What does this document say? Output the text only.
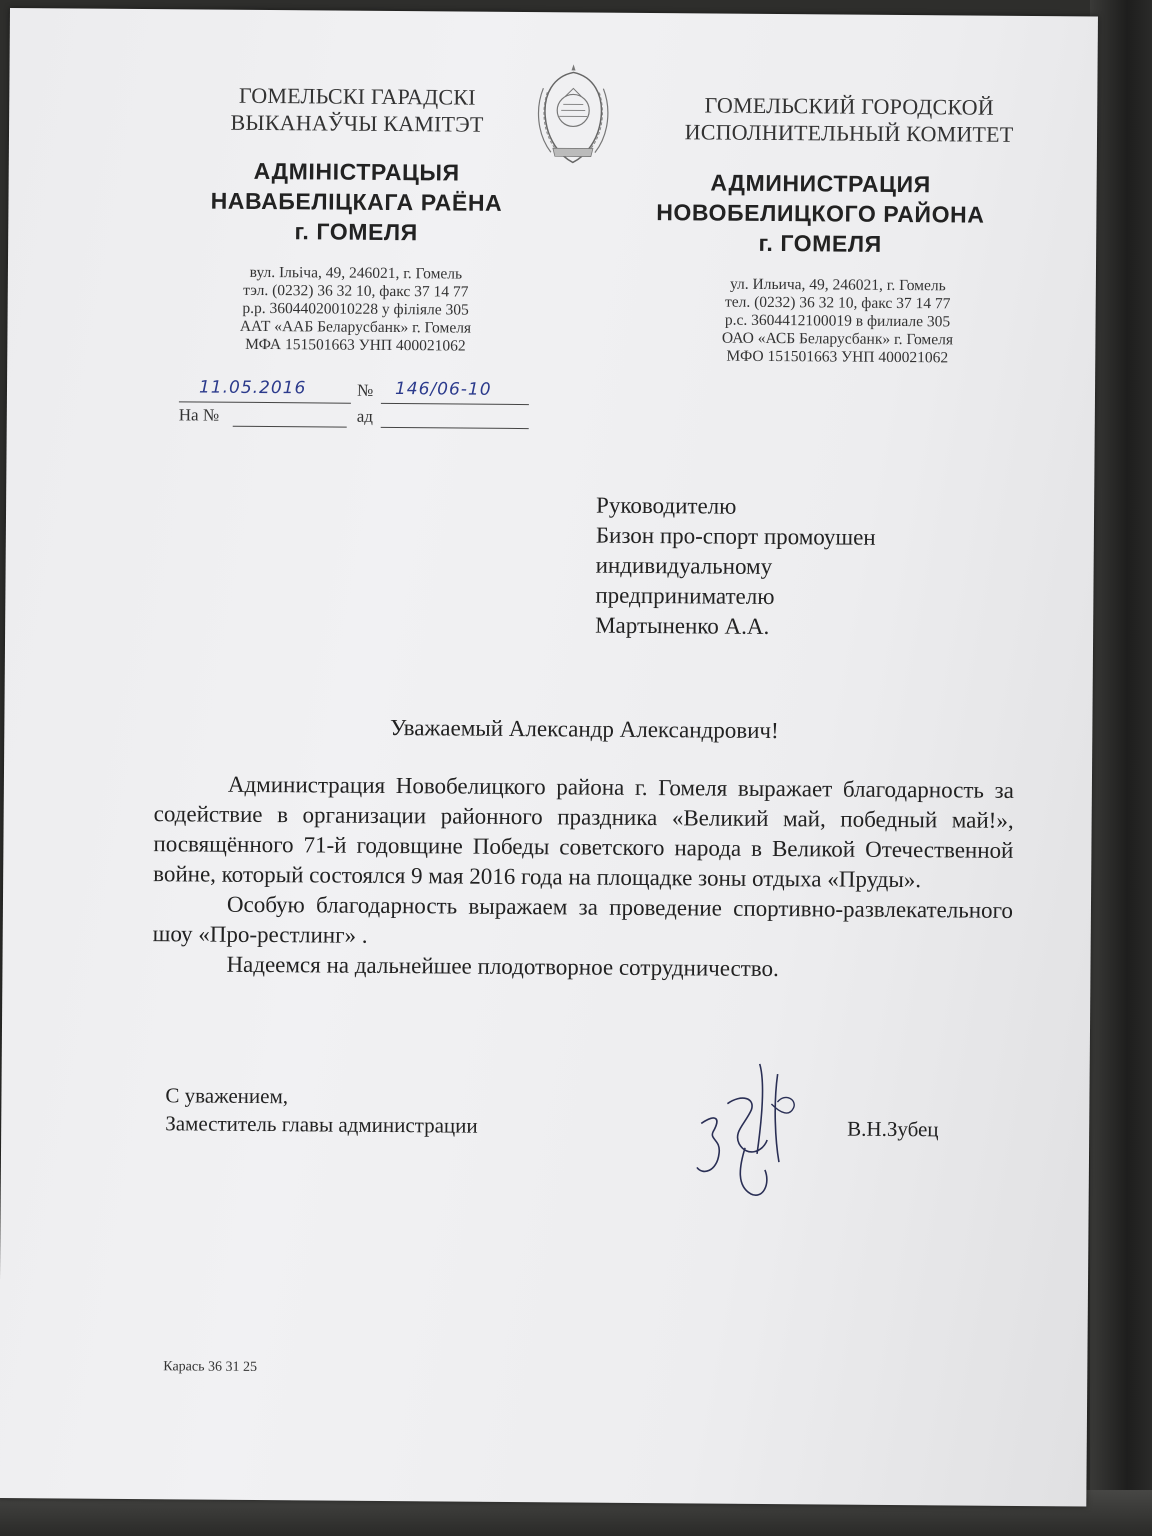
ГОМЕЛЬСКІ ГАРАДСКІ
ВЫКАНАЎЧЫ КАМІТЭТ
АДМІНІСТРАЦЫЯ
НАВАБЕЛІЦКАГА РАЁНА
г. ГОМЕЛЯ
вул. Ільіча, 49, 246021, г. Гомель
тэл. (0232) 36 32 10, факс 37 14 77
р.р. 36044020010228 у філіяле 305
ААТ «ААБ Беларусбанк» г. Гомеля
МФА 151501663 УНП 400021062
ГОМЕЛЬСКИЙ ГОРОДСКОЙ
ИСПОЛНИТЕЛЬНЫЙ КОМИТЕТ
АДМИНИСТРАЦИЯ
НОВОБЕЛИЦКОГО РАЙОНА
г. ГОМЕЛЯ
ул. Ильича, 49, 246021, г. Гомель
тел. (0232) 36 32 10, факс 37 14 77
р.с. 3604412100019 в филиале 305
ОАО «АСБ Беларусбанк» г. Гомеля
МФО 151501663 УНП 400021062
11.05.2016	№ 146/06-10
На №	ад
Руководителю
Бизон про-спорт промоушен
индивидуальному
предпринимателю
Мартыненко А.А.
Уважаемый Александр Александрович!

Администрация Новобелицкого района г. Гомеля выражает благодарность за содействие в организации районного праздника «Великий май, победный май!», посвящённого 71-й годовщине Победы советского народа в Великой Отечественной войне, который состоялся 9 мая 2016 года на площадке зоны отдыха «Пруды».

Особую благодарность выражаем за проведение спортивно-развлекательного шоу «Про-рестлинг» .

Надеемся на дальнейшее плодотворное сотрудничество.

С уважением,
Заместитель главы администрации	В.Н.Зубец
Карась 36 31 25
